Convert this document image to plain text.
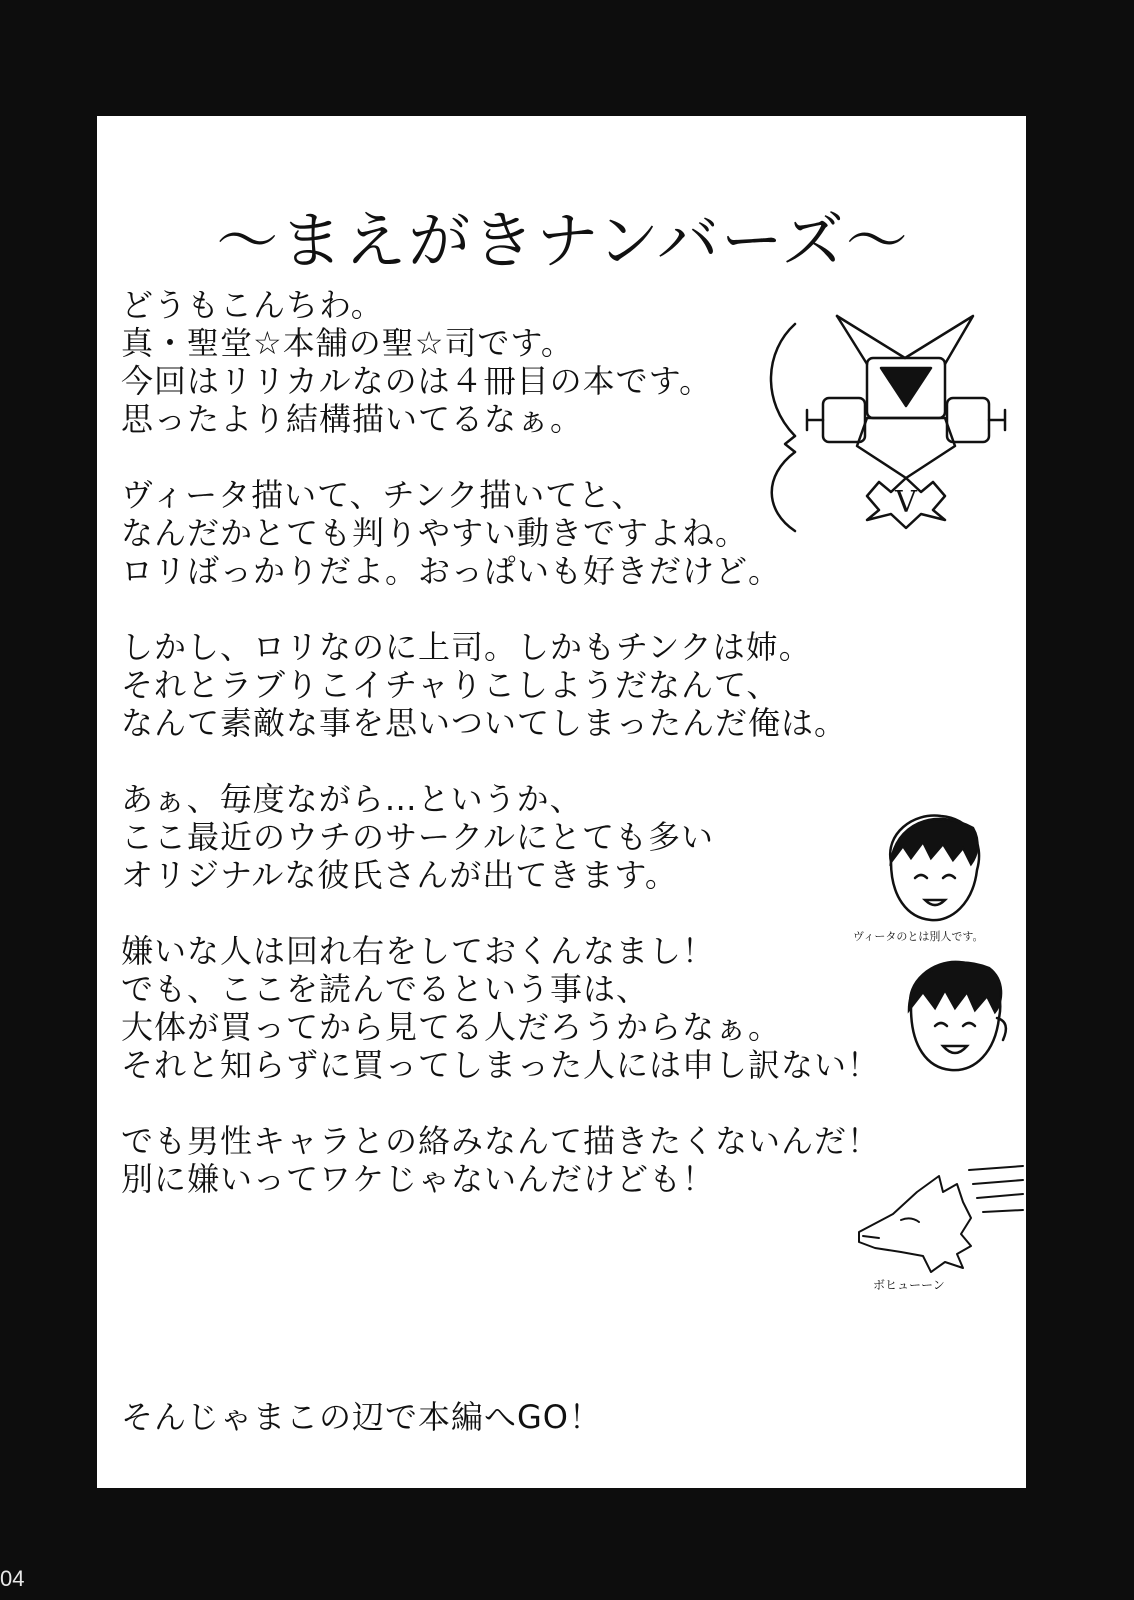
〜まえがきナンバーズ〜
どうもこんちわ。
真・聖堂☆本舗の聖☆司です。
今回はリリカルなのは４冊目の本です。
思ったより結構描いてるなぁ。
ヴィータ描いて、チンク描いてと、
なんだかとても判りやすい動きですよね。
ロリばっかりだよ。おっぱいも好きだけど。
しかし、ロリなのに上司。しかもチンクは姉。
それとラブりこイチャりこしようだなんて、
なんて素敵な事を思いついてしまったんだ俺は。
あぁ、毎度ながら…というか、
ここ最近のウチのサークルにとても多い
オリジナルな彼氏さんが出てきます。
嫌いな人は回れ右をしておくんなまし！
でも、ここを読んでるという事は、
大体が買ってから見てる人だろうからなぁ。
それと知らずに買ってしまった人には申し訳ない！
でも男性キャラとの絡みなんて描きたくないんだ！
別に嫌いってワケじゃないんだけども！
そんじゃまこの辺で本編へGO！
V
ヴィータのとは別人です。
ボヒューーン
04
